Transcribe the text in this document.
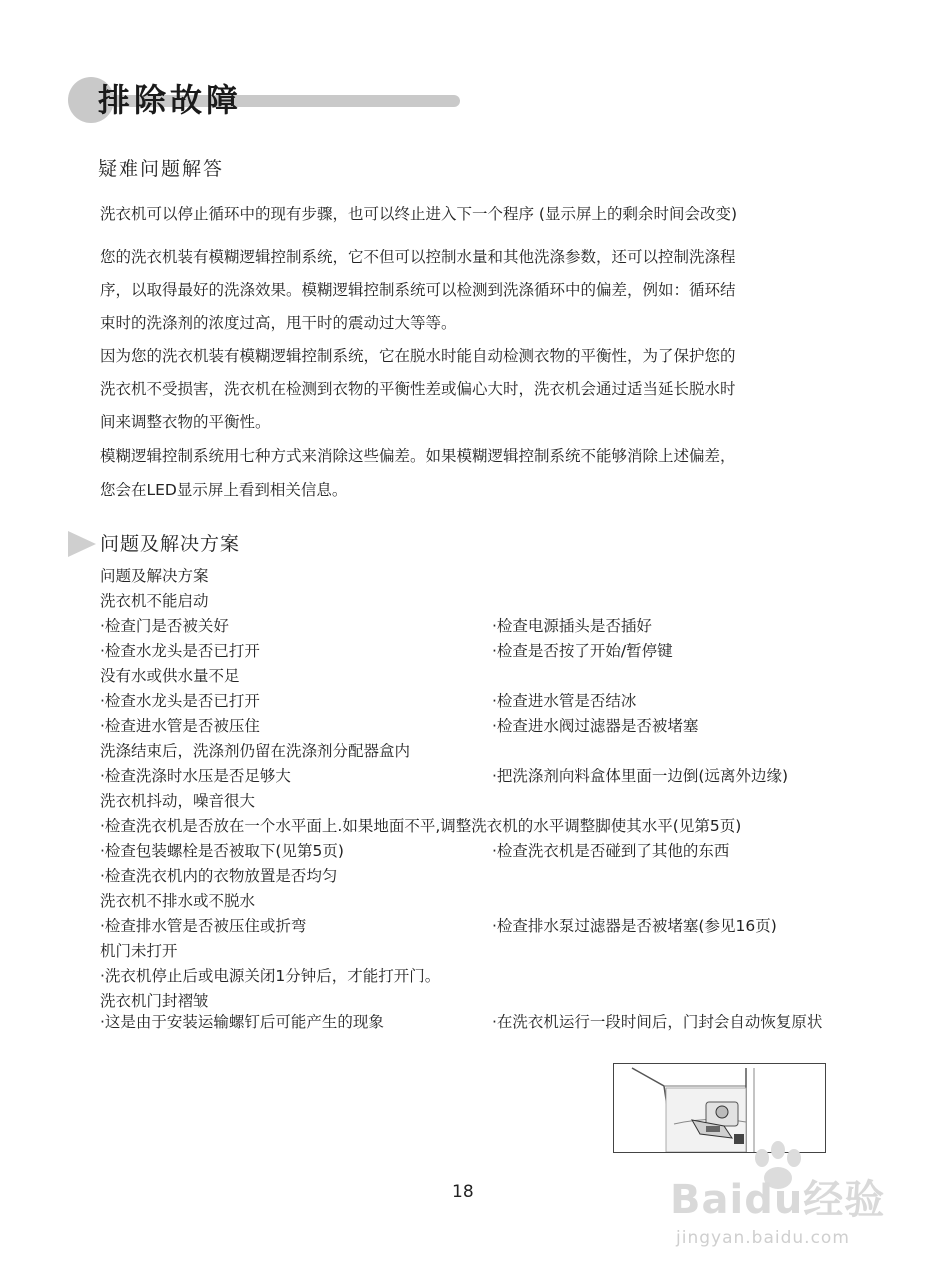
排除故障
疑难问题解答
洗衣机可以停止循环中的现有步骤，也可以终止进入下一个程序 (显示屏上的剩余时间会改变)
您的洗衣机装有模糊逻辑控制系统，它不但可以控制水量和其他洗涤参数，还可以控制洗涤程
序，以取得最好的洗涤效果。模糊逻辑控制系统可以检测到洗涤循环中的偏差，例如：循环结
束时的洗涤剂的浓度过高，甩干时的震动过大等等。
因为您的洗衣机装有模糊逻辑控制系统，它在脱水时能自动检测衣物的平衡性，为了保护您的
洗衣机不受损害，洗衣机在检测到衣物的平衡性差或偏心大时，洗衣机会通过适当延长脱水时
间来调整衣物的平衡性。
模糊逻辑控制系统用七种方式来消除这些偏差。如果模糊逻辑控制系统不能够消除上述偏差，
您会在LED显示屏上看到相关信息。
问题及解决方案
问题及解决方案
洗衣机不能启动
·检查门是否被关好	·检查电源插头是否插好
·检查水龙头是否已打开	·检查是否按了开始/暂停键
没有水或供水量不足
·检查水龙头是否已打开	·检查进水管是否结冰
·检查进水管是否被压住	·检查进水阀过滤器是否被堵塞
洗涤结束后，洗涤剂仍留在洗涤剂分配器盒内
·检查洗涤时水压是否足够大	·把洗涤剂向料盒体里面一边倒(远离外边缘)
洗衣机抖动，噪音很大
·检查洗衣机是否放在一个水平面上.如果地面不平,调整洗衣机的水平调整脚使其水平(见第5页)
·检查包装螺栓是否被取下(见第5页)	·检查洗衣机是否碰到了其他的东西
·检查洗衣机内的衣物放置是否均匀
洗衣机不排水或不脱水
·检查排水管是否被压住或折弯	·检查排水泵过滤器是否被堵塞(参见16页)
机门未打开
·洗衣机停止后或电源关闭1分钟后，才能打开门。
洗衣机门封褶皱
·这是由于安装运输螺钉后可能产生的现象	·在洗衣机运行一段时间后，门封会自动恢复原状
18	Baidu经验
jingyan.baidu.com
